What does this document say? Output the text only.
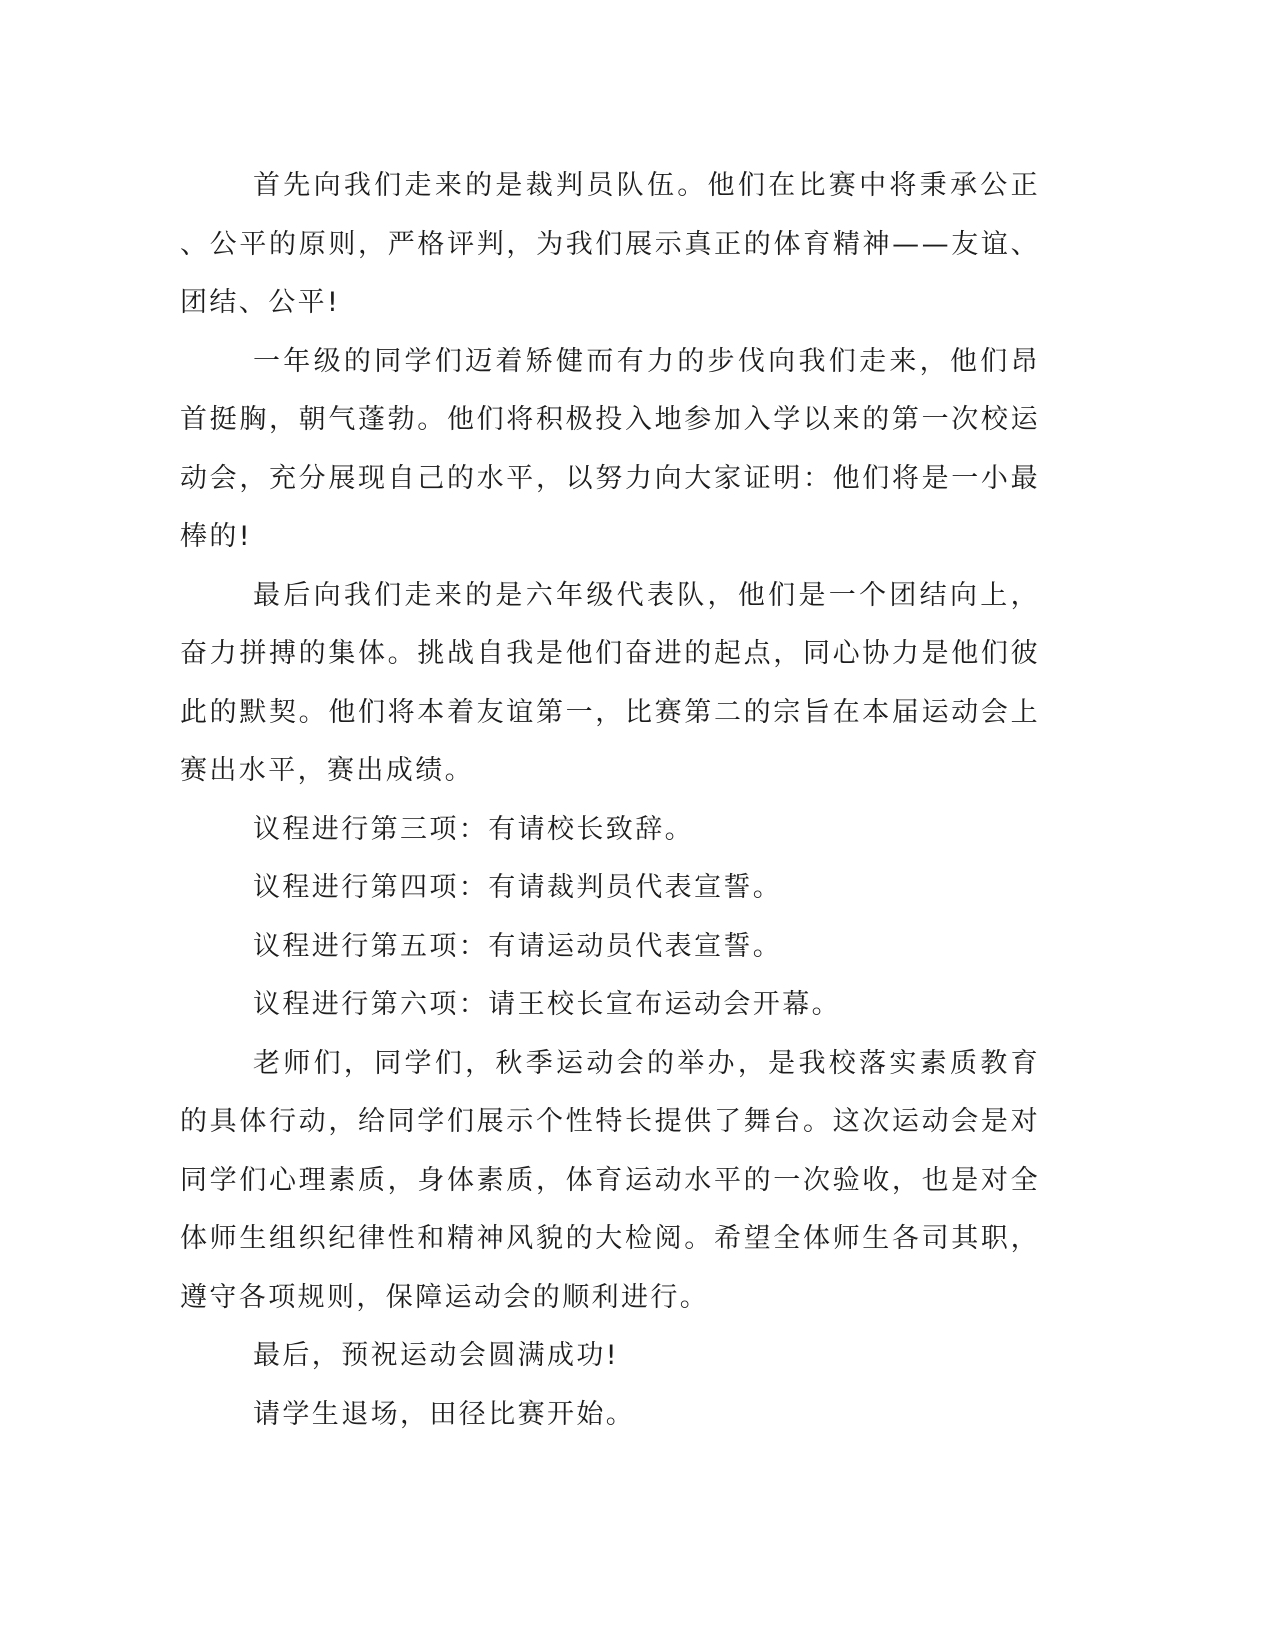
首先向我们走来的是裁判员队伍。他们在比赛中将秉承公正、公平的原则，严格评判，为我们展示真正的体育精神——友谊、团结、公平!

一年级的同学们迈着矫健而有力的步伐向我们走来，他们昂首挺胸，朝气蓬勃。他们将积极投入地参加入学以来的第一次校运动会，充分展现自己的水平，以努力向大家证明：他们将是一小最棒的!

最后向我们走来的是六年级代表队，他们是一个团结向上，奋力拼搏的集体。挑战自我是他们奋进的起点，同心协力是他们彼此的默契。他们将本着友谊第一，比赛第二的宗旨在本届运动会上赛出水平，赛出成绩。

议程进行第三项：有请校长致辞。

议程进行第四项：有请裁判员代表宣誓。

议程进行第五项：有请运动员代表宣誓。

议程进行第六项：请王校长宣布运动会开幕。

老师们，同学们，秋季运动会的举办，是我校落实素质教育的具体行动，给同学们展示个性特长提供了舞台。这次运动会是对同学们心理素质，身体素质，体育运动水平的一次验收，也是对全体师生组织纪律性和精神风貌的大检阅。希望全体师生各司其职，遵守各项规则，保障运动会的顺利进行。

最后，预祝运动会圆满成功!

请学生退场，田径比赛开始。
